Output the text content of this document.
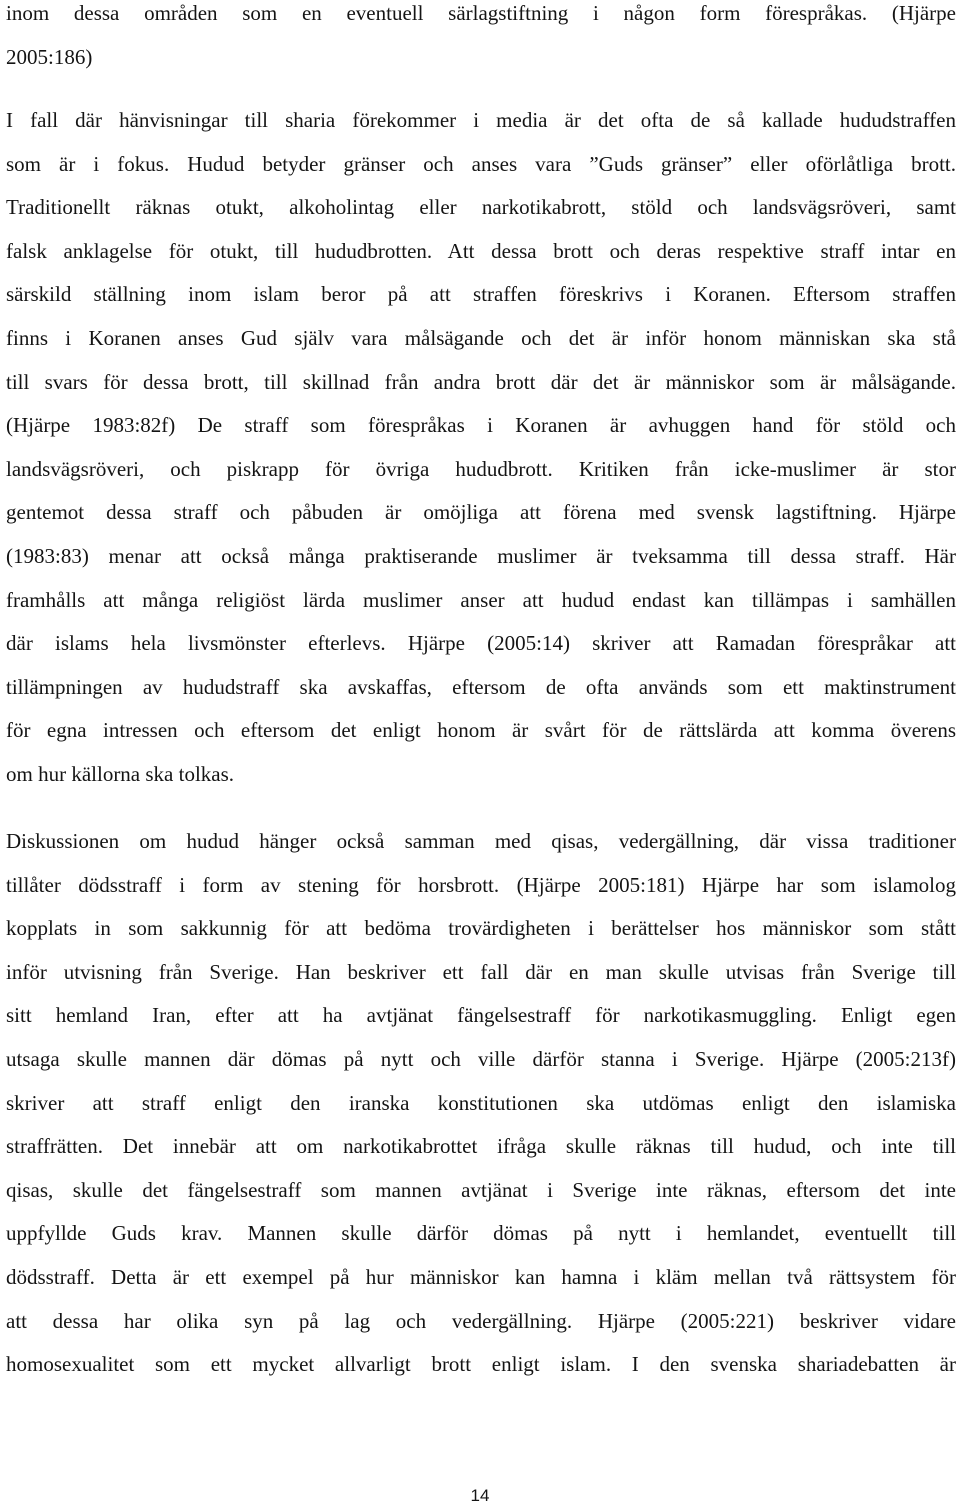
inom dessa områden som en eventuell särlagstiftning i någon form förespråkas. (Hjärpe
2005:186)

I fall där hänvisningar till sharia förekommer i media är det ofta de så kallade hududstraffen
som är i fokus. Hudud betyder gränser och anses vara ”Guds gränser” eller oförlåtliga brott.
Traditionellt räknas otukt, alkoholintag eller narkotikabrott, stöld och landsvägsröveri, samt
falsk anklagelse för otukt, till hududbrotten. Att dessa brott och deras respektive straff intar en
särskild ställning inom islam beror på att straffen föreskrivs i Koranen. Eftersom straffen
finns i Koranen anses Gud själv vara målsägande och det är inför honom människan ska stå
till svars för dessa brott, till skillnad från andra brott där det är människor som är målsägande.
(Hjärpe 1983:82f) De straff som förespråkas i Koranen är avhuggen hand för stöld och
landsvägsröveri, och piskrapp för övriga hududbrott. Kritiken från icke-muslimer är stor
gentemot dessa straff och påbuden är omöjliga att förena med svensk lagstiftning. Hjärpe
(1983:83) menar att också många praktiserande muslimer är tveksamma till dessa straff. Här
framhålls att många religiöst lärda muslimer anser att hudud endast kan tillämpas i samhällen
där islams hela livsmönster efterlevs. Hjärpe (2005:14) skriver att Ramadan förespråkar att
tillämpningen av hududstraff ska avskaffas, eftersom de ofta används som ett maktinstrument
för egna intressen och eftersom det enligt honom är svårt för de rättslärda att komma överens
om hur källorna ska tolkas.

Diskussionen om hudud hänger också samman med qisas, vedergällning, där vissa traditioner
tillåter dödsstraff i form av stening för horsbrott. (Hjärpe 2005:181) Hjärpe har som islamolog
kopplats in som sakkunnig för att bedöma trovärdigheten i berättelser hos människor som stått
inför utvisning från Sverige. Han beskriver ett fall där en man skulle utvisas från Sverige till
sitt hemland Iran, efter att ha avtjänat fängelsestraff för narkotikasmuggling. Enligt egen
utsaga skulle mannen där dömas på nytt och ville därför stanna i Sverige. Hjärpe (2005:213f)
skriver att straff enligt den iranska konstitutionen ska utdömas enligt den islamiska
straffrätten. Det innebär att om narkotikabrottet ifråga skulle räknas till hudud, och inte till
qisas, skulle det fängelsestraff som mannen avtjänat i Sverige inte räknas, eftersom det inte
uppfyllde Guds krav. Mannen skulle därför dömas på nytt i hemlandet, eventuellt till
dödsstraff. Detta är ett exempel på hur människor kan hamna i kläm mellan två rättsystem för
att dessa har olika syn på lag och vedergällning. Hjärpe (2005:221) beskriver vidare
homosexualitet som ett mycket allvarligt brott enligt islam. I den svenska shariadebatten är

14
